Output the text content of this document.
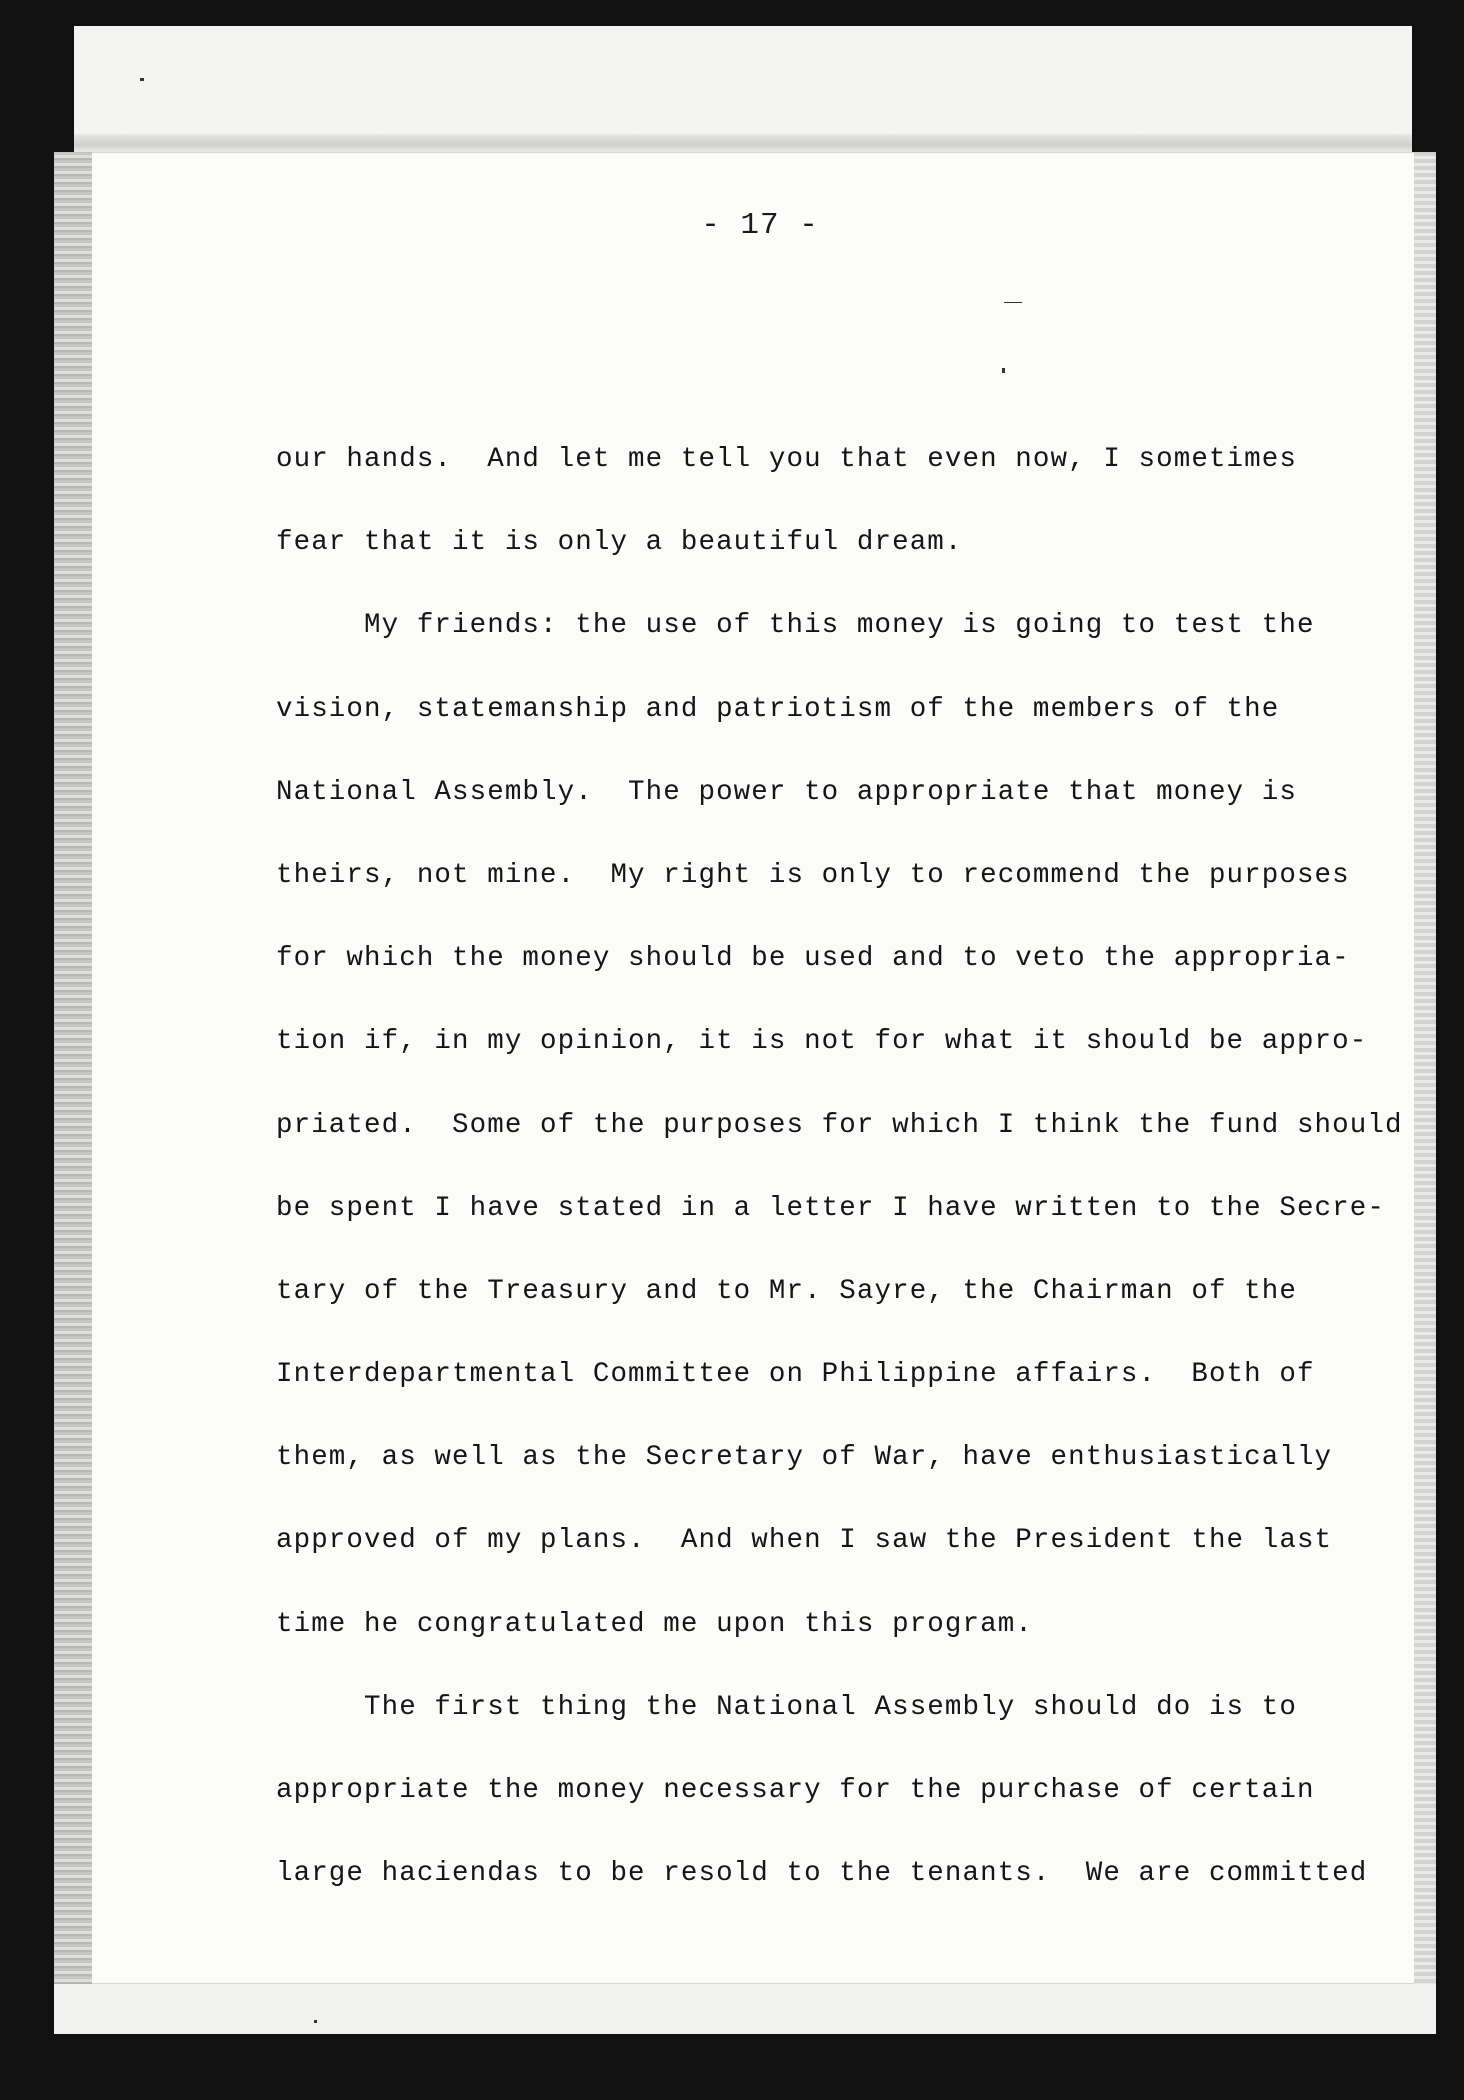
- 17 -
our hands.  And let me tell you that even now, I sometimes
fear that it is only a beautiful dream.
My friends: the use of this money is going to test the
vision, statemanship and patriotism of the members of the
National Assembly.  The power to appropriate that money is
theirs, not mine.  My right is only to recommend the purposes
for which the money should be used and to veto the appropria-
tion if, in my opinion, it is not for what it should be appro-
priated.  Some of the purposes for which I think the fund should
be spent I have stated in a letter I have written to the Secre-
tary of the Treasury and to Mr. Sayre, the Chairman of the
Interdepartmental Committee on Philippine affairs.  Both of
them, as well as the Secretary of War, have enthusiastically
approved of my plans.  And when I saw the President the last
time he congratulated me upon this program.
The first thing the National Assembly should do is to
appropriate the money necessary for the purchase of certain
large haciendas to be resold to the tenants.  We are committed
